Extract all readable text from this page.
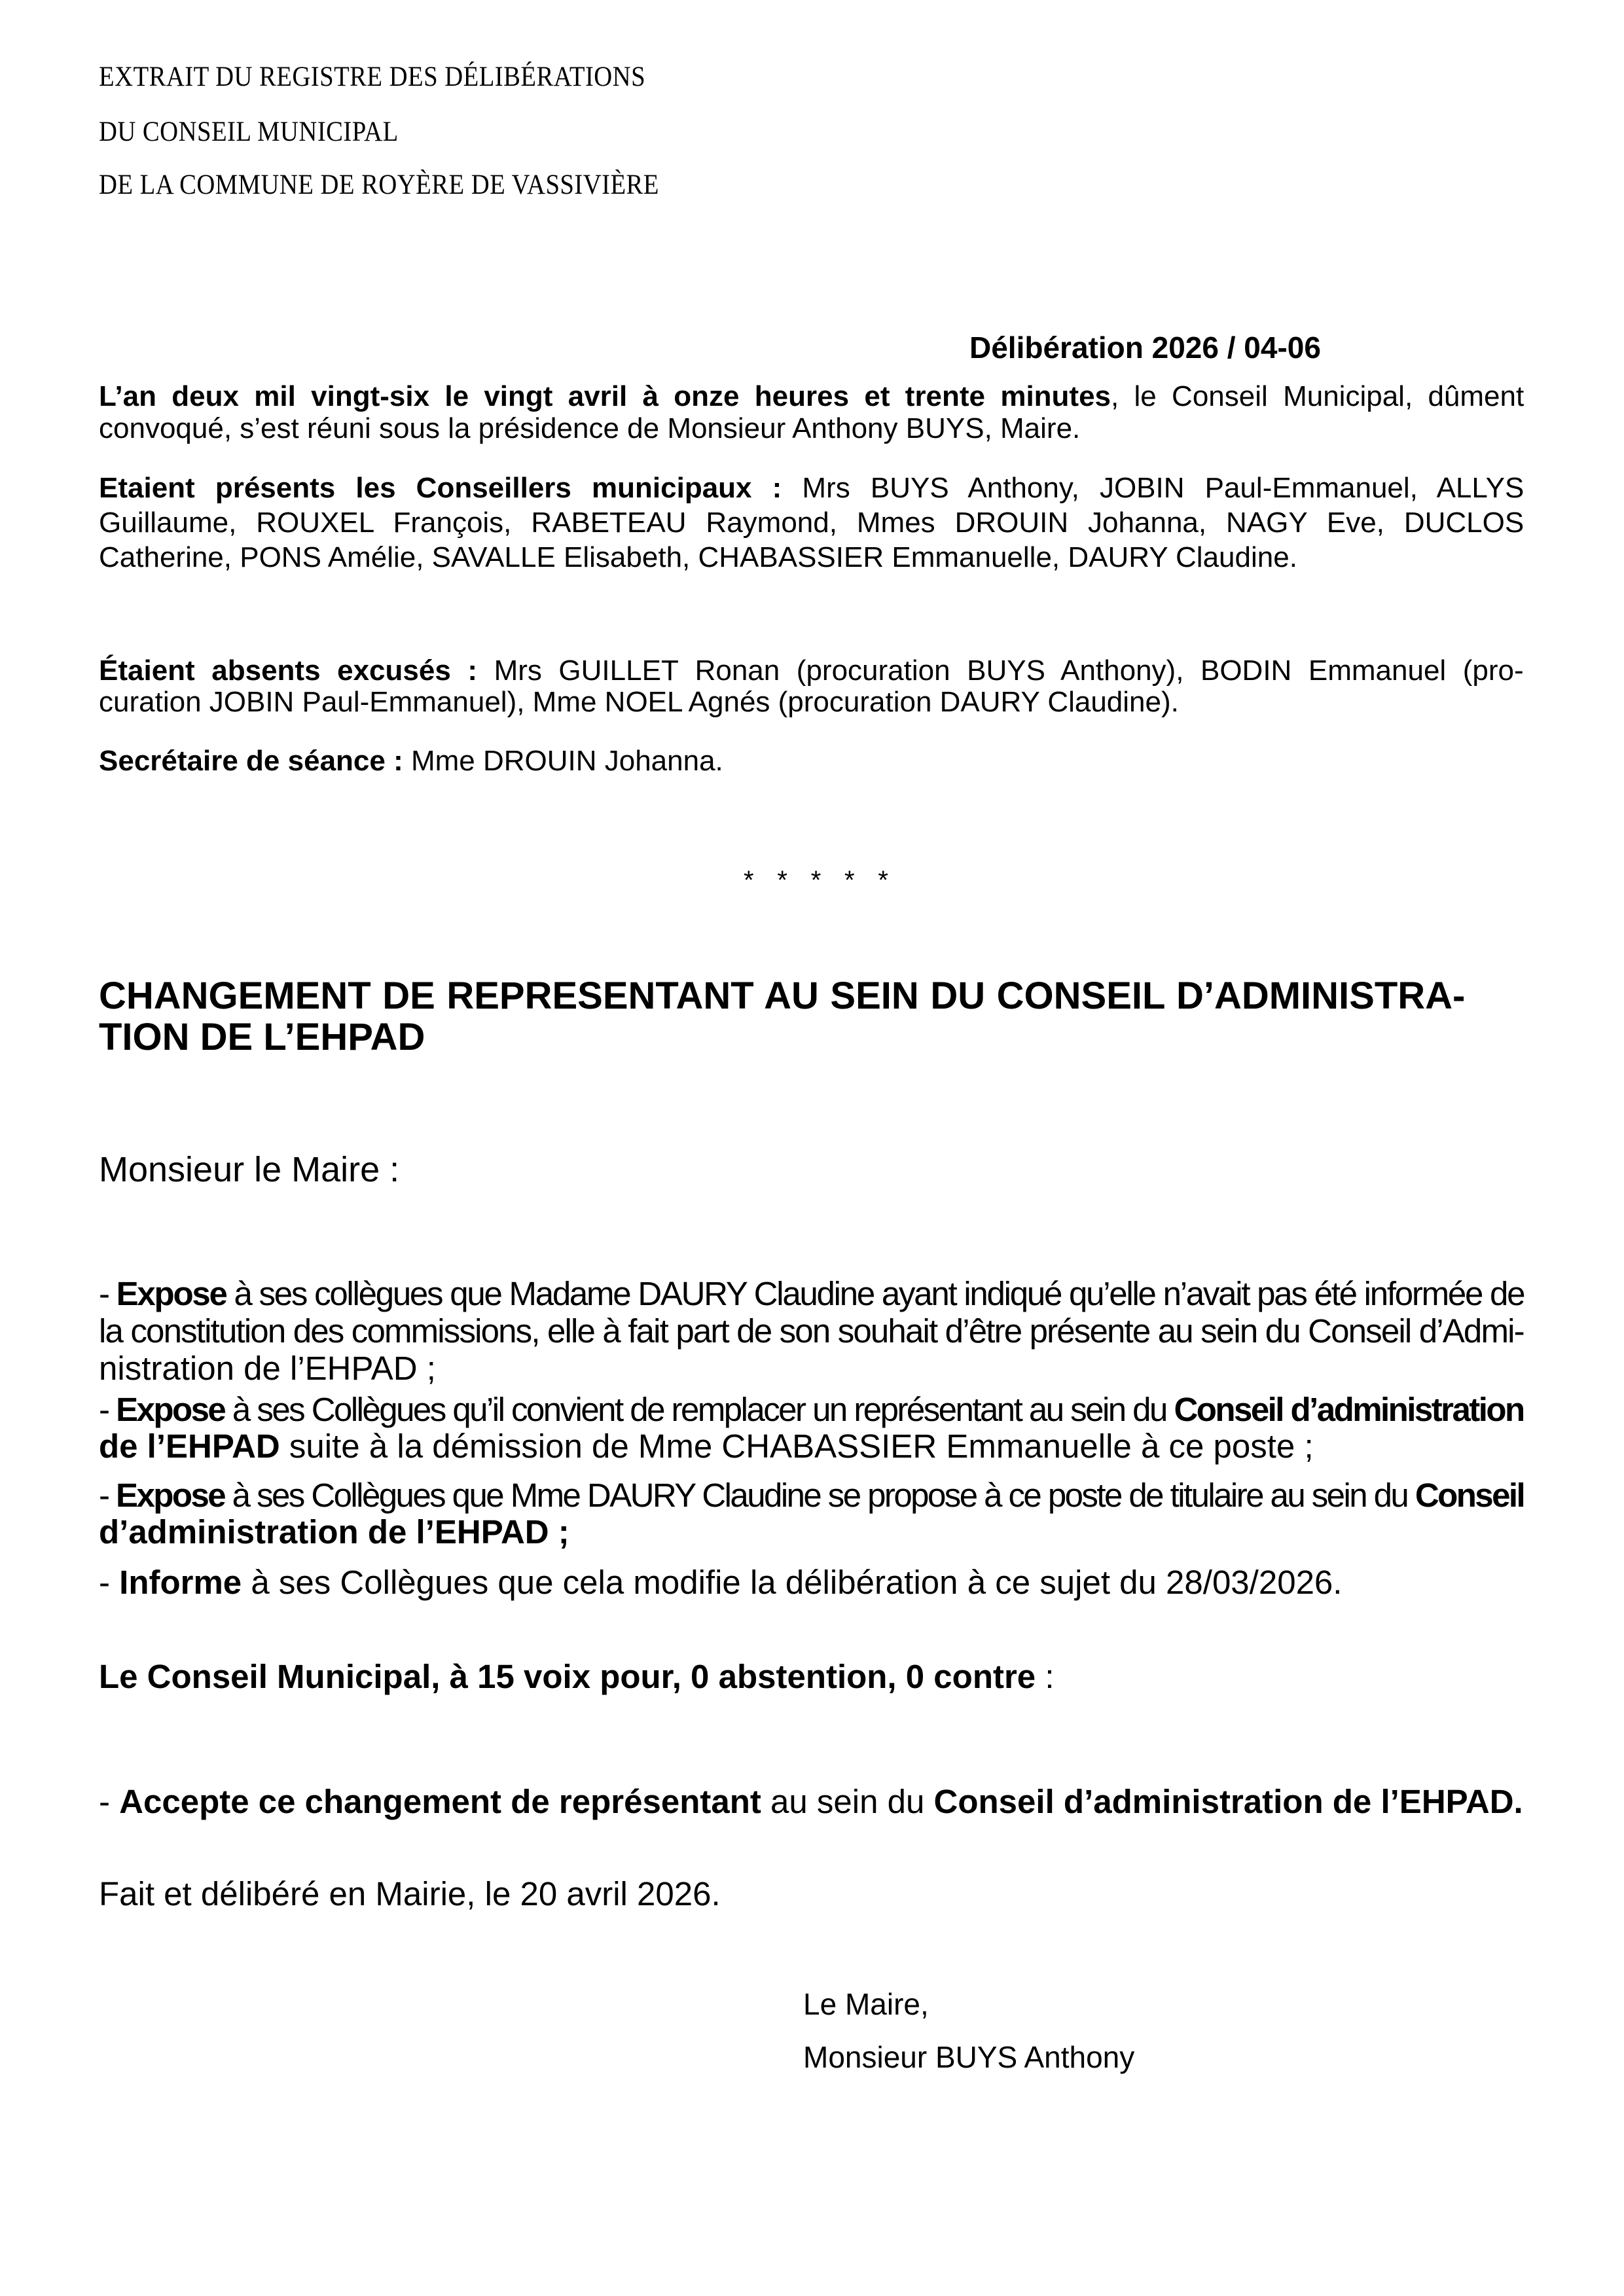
EXTRAIT DU REGISTRE DES DÉLIBÉRATIONS
DU CONSEIL MUNICIPAL
DE LA COMMUNE DE ROYÈRE DE VASSIVIÈRE
Délibération 2026 / 04-06
L’an deux mil vingt-six le vingt avril à onze heures et trente minutes, le Conseil Municipal, dûment
convoqué, s’est réuni sous la présidence de Monsieur Anthony BUYS, Maire.
Etaient présents les Conseillers municipaux : Mrs BUYS Anthony, JOBIN Paul-Emmanuel, ALLYS
Guillaume, ROUXEL François, RABETEAU Raymond, Mmes DROUIN Johanna, NAGY Eve, DUCLOS
Catherine, PONS Amélie, SAVALLE Elisabeth, CHABASSIER Emmanuelle, DAURY Claudine.
Étaient absents excusés : Mrs GUILLET Ronan (procuration BUYS Anthony), BODIN Emmanuel (pro-
curation JOBIN Paul-Emmanuel), Mme NOEL Agnés (procuration DAURY Claudine).
Secrétaire de séance : Mme DROUIN Johanna.
* * * * *
CHANGEMENT DE REPRESENTANT AU SEIN DU CONSEIL D’ADMINISTRA-
TION DE L’EHPAD
Monsieur le Maire :
- Expose à ses collègues que Madame DAURY Claudine ayant indiqué qu’elle n’avait pas été informée de
la constitution des commissions, elle à fait part de son souhait d’être présente au sein du Conseil d’Admi-
nistration de l’EHPAD ;
- Expose à ses Collègues qu’il convient de remplacer un représentant au sein du Conseil d’administration
de l’EHPAD suite à la démission de Mme CHABASSIER Emmanuelle à ce poste ;
- Expose à ses Collègues que Mme DAURY Claudine se propose à ce poste de titulaire au sein du Conseil
d’administration de l’EHPAD ;
- Informe à ses Collègues que cela modifie la délibération à ce sujet du 28/03/2026.
Le Conseil Municipal, à 15 voix pour, 0 abstention, 0 contre :
- Accepte ce changement de représentant au sein du Conseil d’administration de l’EHPAD.
Fait et délibéré en Mairie, le 20 avril 2026.
Le Maire,
Monsieur BUYS Anthony
